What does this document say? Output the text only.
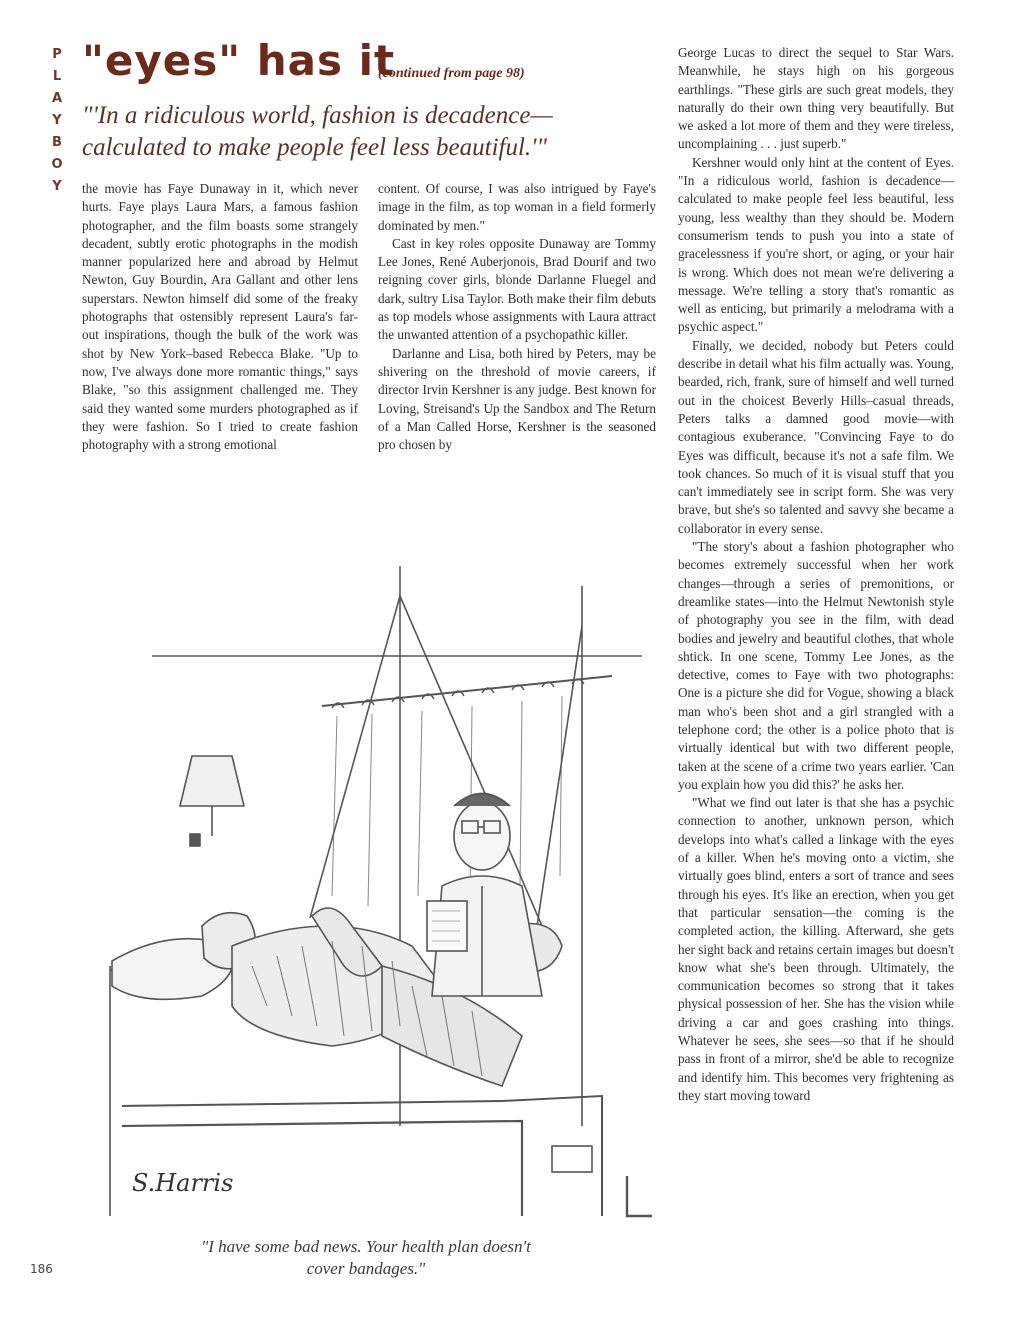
P
L
A
Y
B
O
Y
"eyes" has it
(continued from page 98)
"'In a ridiculous world, fashion is decadence—calculated to make people feel less beautiful.'"

the movie has Faye Dunaway in it, which never hurts. Faye plays Laura Mars, a famous fashion photographer, and the film boasts some strangely decadent, subtly erotic photographs in the modish manner popularized here and abroad by Helmut Newton, Guy Bourdin, Ara Gallant and other lens superstars. Newton himself did some of the freaky photographs that ostensibly represent Laura's far-out inspirations, though the bulk of the work was shot by New York–based Rebecca Blake. "Up to now, I've always done more romantic things," says Blake, "so this assignment challenged me. They said they wanted some murders photographed as if they were fashion. So I tried to create fashion photography with a strong emotional

content. Of course, I was also intrigued by Faye's image in the film, as top woman in a field formerly dominated by men."

Cast in key roles opposite Dunaway are Tommy Lee Jones, René Auberjonois, Brad Dourif and two reigning cover girls, blonde Darlanne Fluegel and dark, sultry Lisa Taylor. Both make their film debuts as top models whose assignments with Laura attract the unwanted attention of a psychopathic killer.

Darlanne and Lisa, both hired by Peters, may be shivering on the threshold of movie careers, if director Irvin Kershner is any judge. Best known for Loving, Streisand's Up the Sandbox and The Return of a Man Called Horse, Kershner is the seasoned pro chosen by

George Lucas to direct the sequel to Star Wars. Meanwhile, he stays high on his gorgeous earthlings. "These girls are such great models, they naturally do their own thing very beautifully. But we asked a lot more of them and they were tireless, uncomplaining . . . just superb."

Kershner would only hint at the content of Eyes. "In a ridiculous world, fashion is decadence—calculated to make people feel less beautiful, less young, less wealthy than they should be. Modern consumerism tends to push you into a state of gracelessness if you're short, or aging, or your hair is wrong. Which does not mean we're delivering a message. We're telling a story that's romantic as well as enticing, but primarily a melodrama with a psychic aspect."

Finally, we decided, nobody but Peters could describe in detail what his film actually was. Young, bearded, rich, frank, sure of himself and well turned out in the choicest Beverly Hills–casual threads, Peters talks a damned good movie—with contagious exuberance. "Convincing Faye to do Eyes was difficult, because it's not a safe film. We took chances. So much of it is visual stuff that you can't immediately see in script form. She was very brave, but she's so talented and savvy she became a collaborator in every sense.

"The story's about a fashion photographer who becomes extremely successful when her work changes—through a series of premonitions, or dreamlike states—into the Helmut Newtonish style of photography you see in the film, with dead bodies and jewelry and beautiful clothes, that whole shtick. In one scene, Tommy Lee Jones, as the detective, comes to Faye with two photographs: One is a picture she did for Vogue, showing a black man who's been shot and a girl strangled with a telephone cord; the other is a police photo that is virtually identical but with two different people, taken at the scene of a crime two years earlier. 'Can you explain how you did this?' he asks her.

"What we find out later is that she has a psychic connection to another, unknown person, which develops into what's called a linkage with the eyes of a killer. When he's moving onto a victim, she virtually goes blind, enters a sort of trance and sees through his eyes. It's like an erection, when you get that particular sensation—the coming is the completed action, the killing. Afterward, she gets her sight back and retains certain images but doesn't know what she's been through. Ultimately, the communication becomes so strong that it takes physical possession of her. She has the vision while driving a car and goes crashing into things. Whatever he sees, she sees—so that if he should pass in front of a mirror, she'd be able to recognize and identify him. This becomes very frightening as they start moving toward

S.Harris
"I have some bad news. Your health plan doesn't cover bandages."
186
